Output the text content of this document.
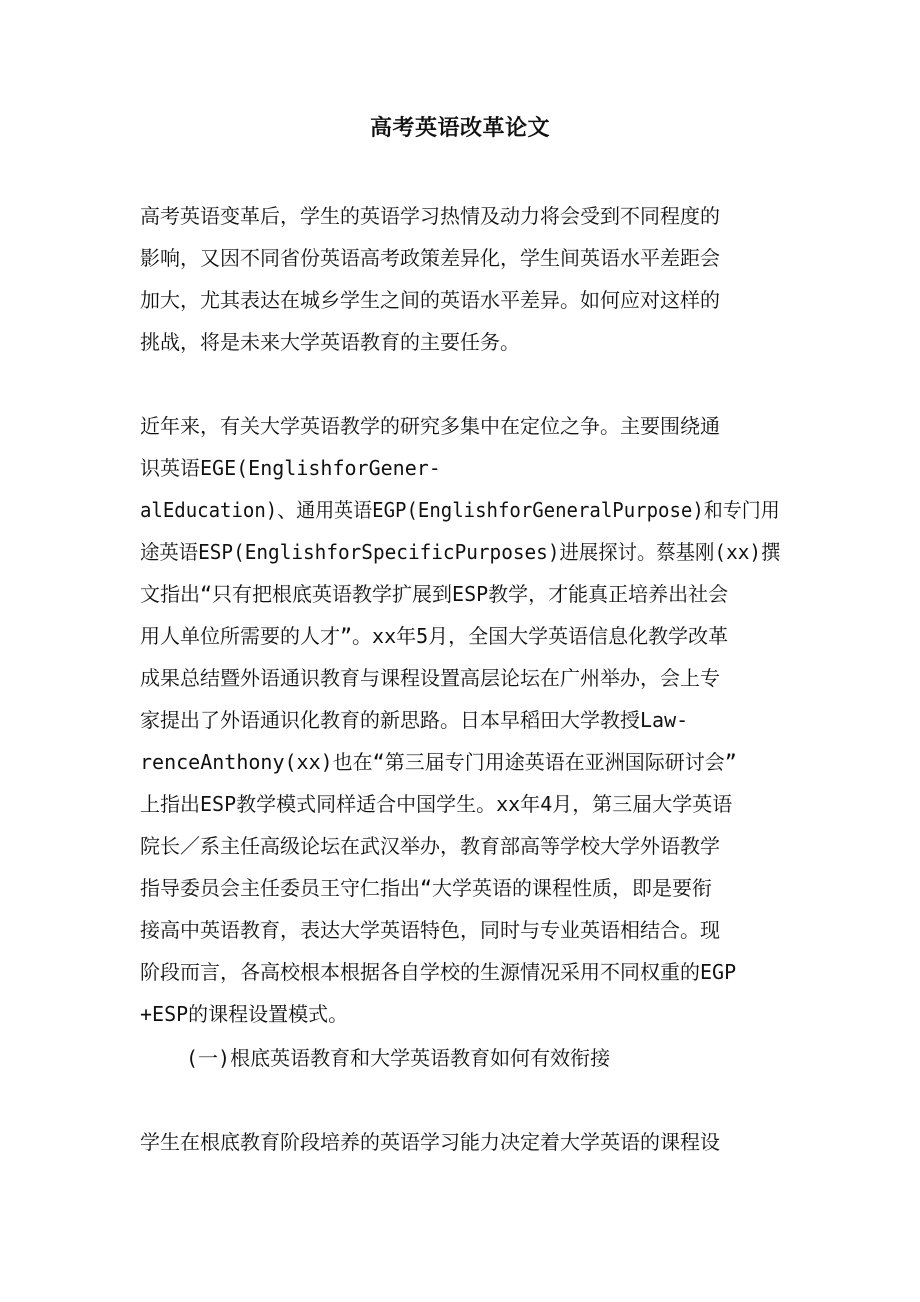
高考英语改革论文
高考英语变革后，学生的英语学习热情及动力将会受到不同程度的
影响，又因不同省份英语高考政策差异化，学生间英语水平差距会
加大，尤其表达在城乡学生之间的英语水平差异。如何应对这样的
挑战，将是未来大学英语教育的主要任务。
近年来，有关大学英语教学的研究多集中在定位之争。主要围绕通
识英语EGE(EnglishforGener-
alEducation)、通用英语EGP(EnglishforGeneralPurpose)和专门用
途英语ESP(EnglishforSpecificPurposes)进展探讨。蔡基刚(xx)撰
文指出“只有把根底英语教学扩展到ESP教学，才能真正培养出社会
用人单位所需要的人才”。xx年5月，全国大学英语信息化教学改革
成果总结暨外语通识教育与课程设置高层论坛在广州举办，会上专
家提出了外语通识化教育的新思路。日本早稻田大学教授Law-
renceAnthony(xx)也在“第三届专门用途英语在亚洲国际研讨会”
上指出ESP教学模式同样适合中国学生。xx年4月，第三届大学英语
院长／系主任高级论坛在武汉举办，教育部高等学校大学外语教学
指导委员会主任委员王守仁指出“大学英语的课程性质，即是要衔
接高中英语教育，表达大学英语特色，同时与专业英语相结合。现
阶段而言，各高校根本根据各自学校的生源情况采用不同权重的EGP
+ESP的课程设置模式。
(一)根底英语教育和大学英语教育如何有效衔接
学生在根底教育阶段培养的英语学习能力决定着大学英语的课程设
